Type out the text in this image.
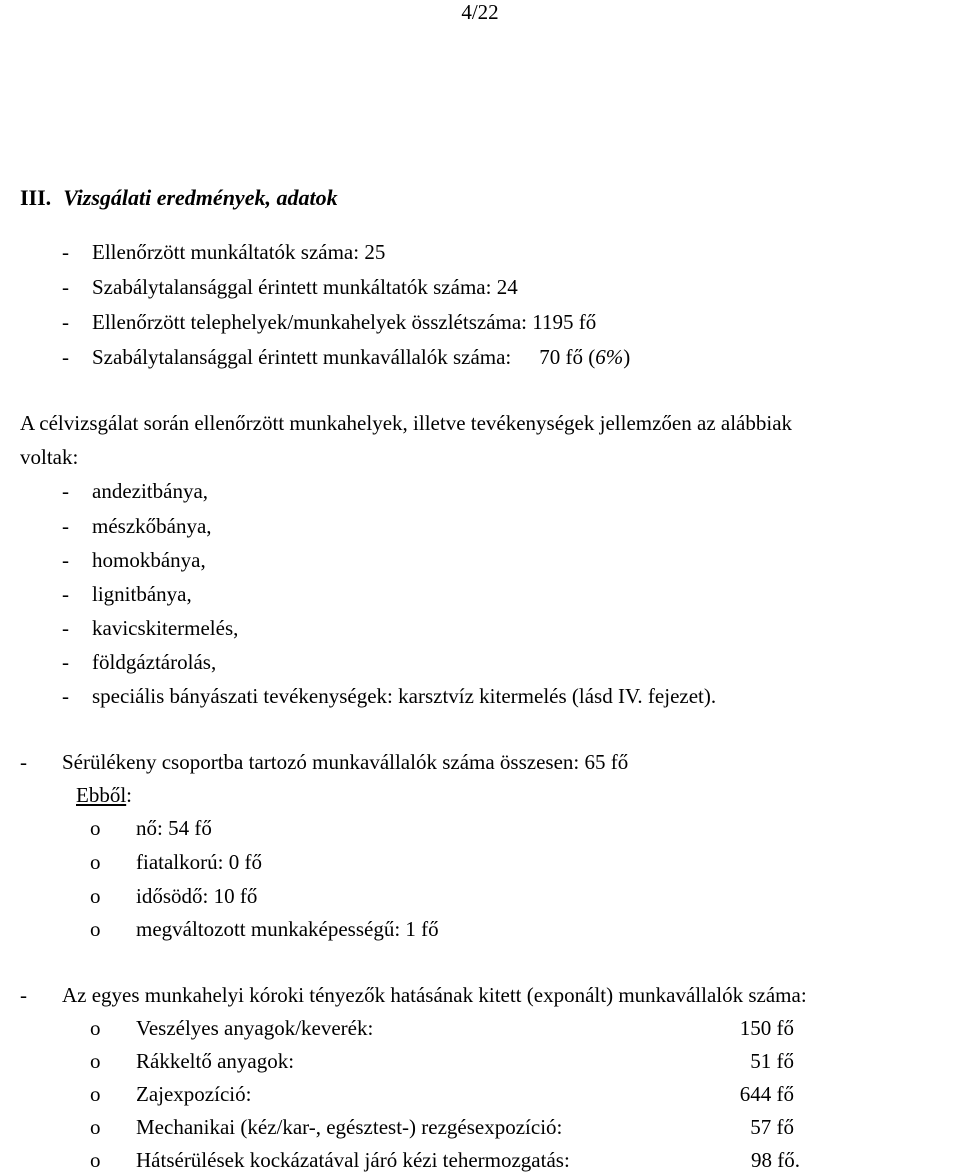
4/22
III. Vizsgálati eredmények, adatok
- Ellenőrzött munkáltatók száma: 25
- Szabálytalansággal érintett munkáltatók száma: 24
- Ellenőrzött telephelyek/munkahelyek összlétszáma: 1195 fő
- Szabálytalansággal érintett munkavállalók száma: 70 fő (6%)
A célvizsgálat során ellenőrzött munkahelyek, illetve tevékenységek jellemzően az alábbiak
voltak:
- andezitbánya,
- mészkőbánya,
- homokbánya,
- lignitbánya,
- kavicskitermelés,
- földgáztárolás,
- speciális bányászati tevékenységek: karsztvíz kitermelés (lásd IV. fejezet).
- Sérülékeny csoportba tartozó munkavállalók száma összesen: 65 fő
Ebből:
o nő: 54 fő
o fiatalkorú: 0 fő
o idősödő: 10 fő
o megváltozott munkaképességű: 1 fő
- Az egyes munkahelyi kóroki tényezők hatásának kitett (exponált) munkavállalók száma:
o Veszélyes anyagok/keverék:	150 fő
o Rákkeltő anyagok:	51 fő
o Zajexpozíció:	644 fő
o Mechanikai (kéz/kar-, egésztest-) rezgésexpozíció:	57 fő
o Hátsérülések kockázatával járó kézi tehermozgatás:	98 fő.
